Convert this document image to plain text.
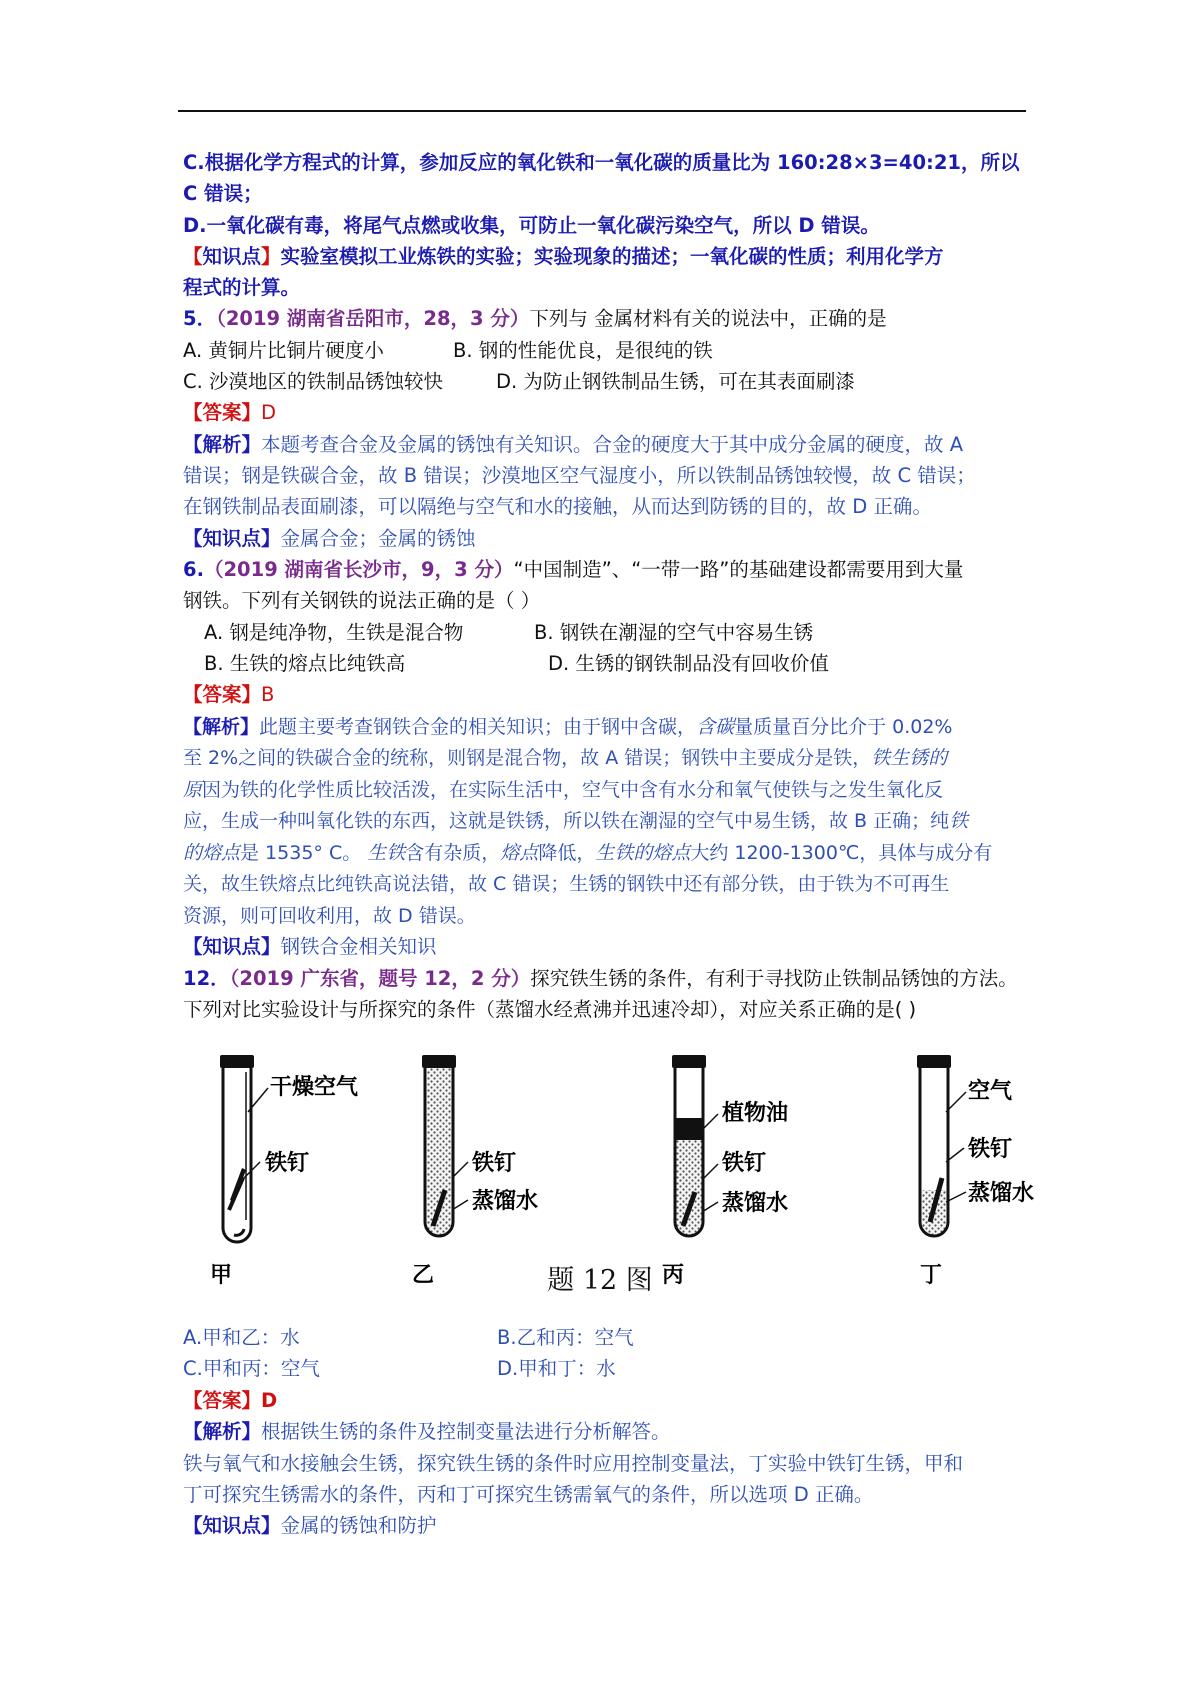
C.根据化学方程式的计算，参加反应的氧化铁和一氧化碳的质量比为 160:28×3=40:21，所以
C 错误；
D.一氧化碳有毒，将尾气点燃或收集，可防止一氧化碳污染空气，所以 D 错误。
【知识点】实验室模拟工业炼铁的实验；实验现象的描述；一氧化碳的性质；利用化学方
程式的计算。
5．（2019 湖南省岳阳市，28，3 分）下列与 金属材料有关的说法中，正确的是
A. 黄铜片比铜片硬度小	B. 钢的性能优良，是很纯的铁
C. 沙漠地区的铁制品锈蚀较快	D. 为防止钢铁制品生锈，可在其表面刷漆
【答案】D
【解析】本题考查合金及金属的锈蚀有关知识。合金的硬度大于其中成分金属的硬度，故 A
错误；钢是铁碳合金，故 B 错误；沙漠地区空气湿度小，所以铁制品锈蚀较慢，故 C 错误；
在钢铁制品表面刷漆，可以隔绝与空气和水的接触，从而达到防锈的目的，故 D 正确。
【知识点】金属合金；金属的锈蚀
6.（2019 湖南省长沙市，9，3 分）“中国制造”、“一带一路”的基础建设都需要用到大量
钢铁。下列有关钢铁的说法正确的是（ ）
A. 钢是纯净物，生铁是混合物	B. 钢铁在潮湿的空气中容易生锈
B. 生铁的熔点比纯铁高	D. 生锈的钢铁制品没有回收价值
【答案】B
【解析】此题主要考查钢铁合金的相关知识；由于钢中含碳，含碳量质量百分比介于 0.02%
至 2%之间的铁碳合金的统称，则钢是混合物，故 A 错误；钢铁中主要成分是铁，铁生锈的
原因为铁的化学性质比较活泼，在实际生活中，空气中含有水分和氧气使铁与之发生氧化反
应，生成一种叫氧化铁的东西，这就是铁锈，所以铁在潮湿的空气中易生锈，故 B 正确；纯铁
的熔点是 1535° C。 生铁含有杂质，熔点降低，生铁的熔点大约 1200-1300℃，具体与成分有
关，故生铁熔点比纯铁高说法错，故 C 错误；生锈的钢铁中还有部分铁，由于铁为不可再生
资源，则可回收利用，故 D 错误。
【知识点】钢铁合金相关知识
12．（2019 广东省，题号 12，2 分）探究铁生锈的条件，有利于寻找防止铁制品锈蚀的方法。
下列对比实验设计与所探究的条件（蒸馏水经煮沸并迅速冷却），对应关系正确的是( )
干燥空气
铁钉
甲
铁钉
蒸馏水
乙
植物油
铁钉
蒸馏水
丙
空气
铁钉
蒸馏水
丁
题 12 图
A.甲和乙：水	B.乙和丙：空气
C.甲和丙：空气	D.甲和丁：水
【答案】D
【解析】根据铁生锈的条件及控制变量法进行分析解答。
铁与氧气和水接触会生锈，探究铁生锈的条件时应用控制变量法，丁实验中铁钉生锈，甲和
丁可探究生锈需水的条件，丙和丁可探究生锈需氧气的条件，所以选项 D 正确。
【知识点】金属的锈蚀和防护
